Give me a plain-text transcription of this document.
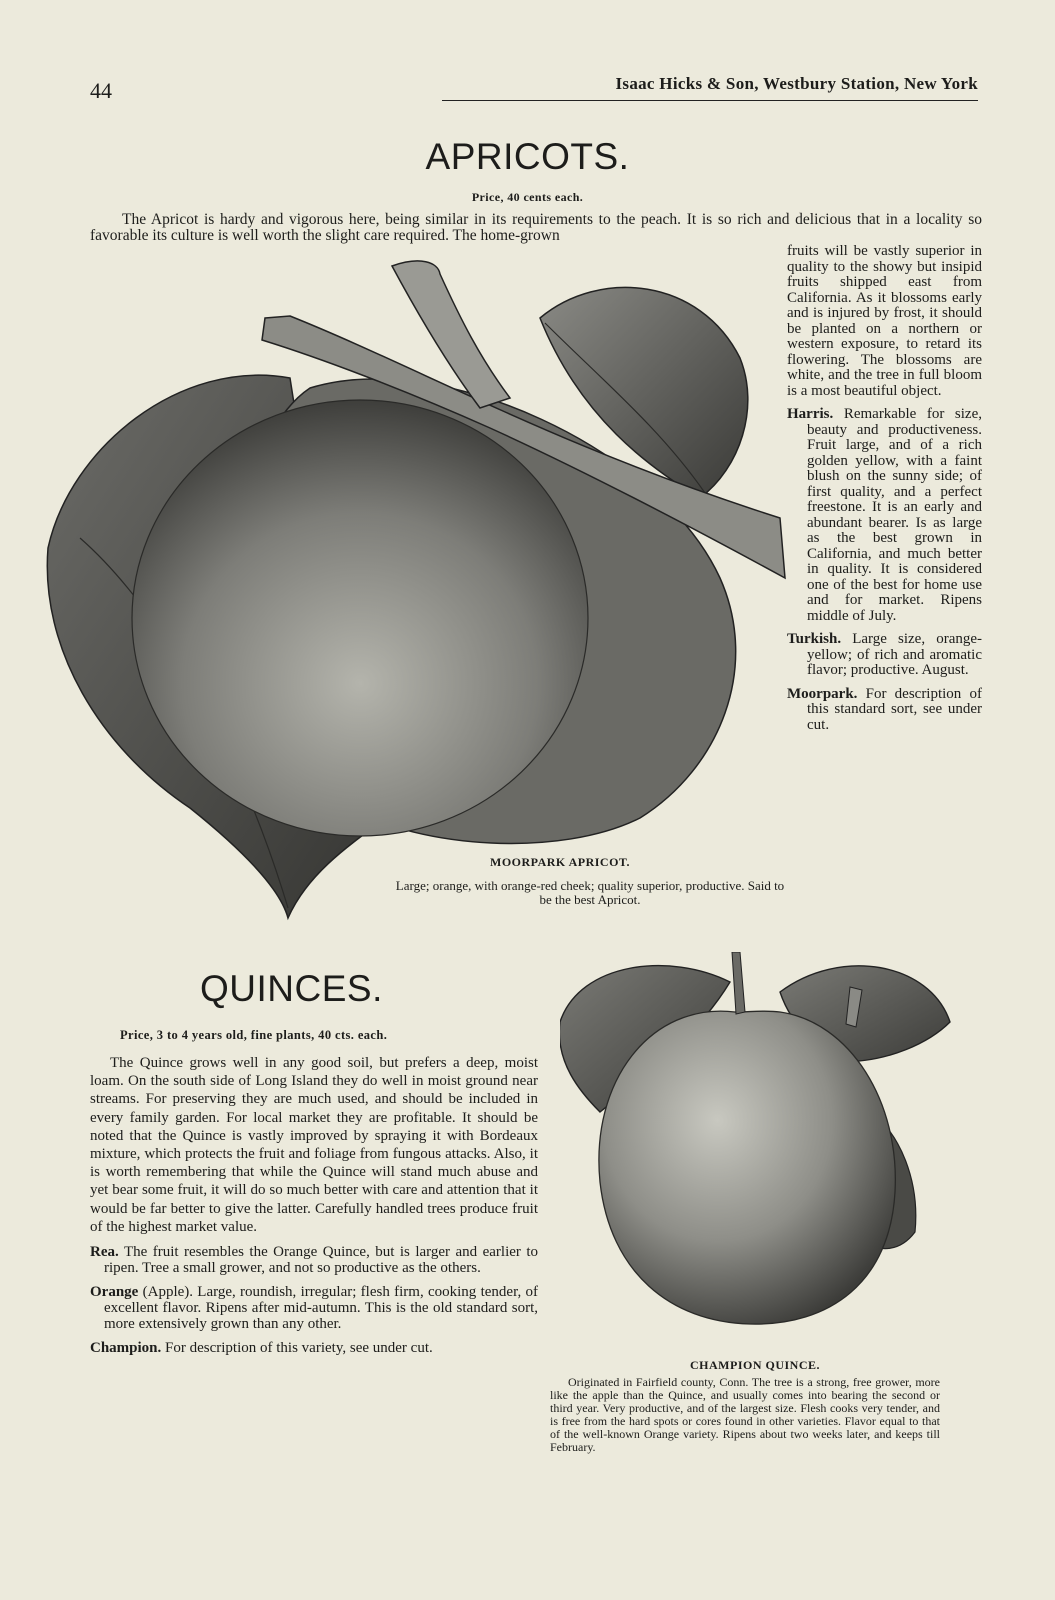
44	Isaac Hicks & Son, Westbury Station, New York
APRICOTS.
Price, 40 cents each.

The Apricot is hardy and vigorous here, being similar in its requirements to the peach. It is so rich and delicious that in a locality so favorable its culture is well worth the slight care required. The home-grown

fruits will be vastly superior in quality to the showy but insipid fruits shipped east from California. As it blossoms early and is injured by frost, it should be planted on a northern or western exposure, to retard its flowering. The blossoms are white, and the tree in full bloom is a most beautiful object.

Harris. Remarkable for size, beauty and productiveness. Fruit large, and of a rich golden yellow, with a faint blush on the sunny side; of first quality, and a perfect freestone. It is an early and abundant bearer. Is as large as the best grown in California, and much better in quality. It is considered one of the best for home use and for market. Ripens middle of July.

Turkish. Large size, orange-yellow; of rich and aromatic flavor; productive. August.

Moorpark. For description of this standard sort, see under cut.

MOORPARK APRICOT.
Large; orange, with orange-red cheek; quality superior, productive. Said to be the best Apricot.
QUINCES.
Price, 3 to 4 years old, fine plants, 40 cts. each.

The Quince grows well in any good soil, but prefers a deep, moist loam. On the south side of Long Island they do well in moist ground near streams. For preserving they are much used, and should be included in every family garden. For local market they are profitable. It should be noted that the Quince is vastly improved by spraying it with Bordeaux mixture, which protects the fruit and foliage from fungous attacks. Also, it is worth remembering that while the Quince will stand much abuse and yet bear some fruit, it will do so much better with care and attention that it would be far better to give the latter. Carefully handled trees produce fruit of the highest market value.

Rea. The fruit resembles the Orange Quince, but is larger and earlier to ripen. Tree a small grower, and not so productive as the others.

Orange (Apple). Large, roundish, irregular; flesh firm, cooking tender, of excellent flavor. Ripens after mid-autumn. This is the old standard sort, more extensively grown than any other.

Champion. For description of this variety, see under cut.

CHAMPION QUINCE.
Originated in Fairfield county, Conn. The tree is a strong, free grower, more like the apple than the Quince, and usually comes into bearing the second or third year. Very productive, and of the largest size. Flesh cooks very tender, and is free from the hard spots or cores found in other varieties. Flavor equal to that of the well-known Orange variety. Ripens about two weeks later, and keeps till February.
